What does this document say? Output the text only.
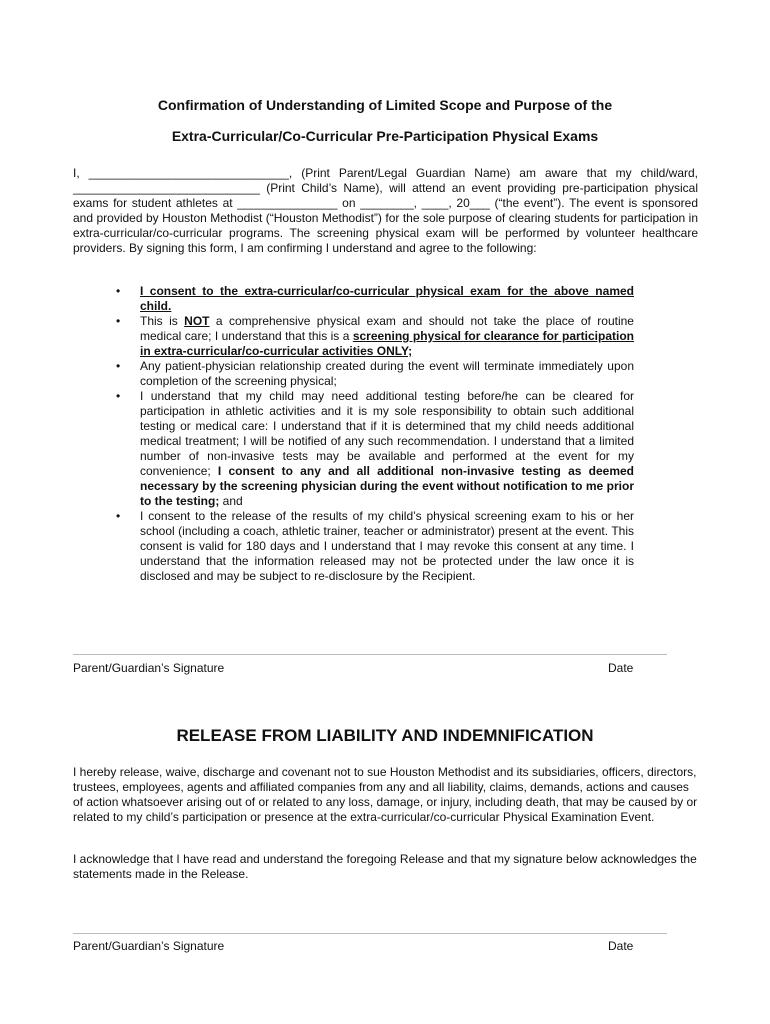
Confirmation of Understanding of Limited Scope and Purpose of the
Extra-Curricular/Co-Curricular Pre-Participation Physical Exams
I, ______________________________, (Print Parent/Legal Guardian Name) am aware that my child/ward, ____________________________ (Print Child’s Name), will attend an event providing pre-participation physical exams for student athletes at _______________ on ________, ____, 20___ (“the event”). The event is sponsored and provided by Houston Methodist (“Houston Methodist”) for the sole purpose of clearing students for participation in extra-curricular/co-curricular programs. The screening physical exam will be performed by volunteer healthcare providers. By signing this form, I am confirming I understand and agree to the following:
• I consent to the extra-curricular/co-curricular physical exam for the above named child.
• This is NOT a comprehensive physical exam and should not take the place of routine medical care; I understand that this is a screening physical for clearance for participation in extra-curricular/co-curricular activities ONLY;
• Any patient-physician relationship created during the event will terminate immediately upon completion of the screening physical;
• I understand that my child may need additional testing before/he can be cleared for participation in athletic activities and it is my sole responsibility to obtain such additional testing or medical care: I understand that if it is determined that my child needs additional medical treatment; I will be notified of any such recommendation. I understand that a limited number of non-invasive tests may be available and performed at the event for my convenience; I consent to any and all additional non-invasive testing as deemed necessary by the screening physician during the event without notification to me prior to the testing; and
• I consent to the release of the results of my child’s physical screening exam to his or her school (including a coach, athletic trainer, teacher or administrator) present at the event. This consent is valid for 180 days and I understand that I may revoke this consent at any time. I understand that the information released may not be protected under the law once it is disclosed and may be subject to re-disclosure by the Recipient.
Parent/Guardian’s Signature	Date
RELEASE FROM LIABILITY AND INDEMNIFICATION
I hereby release, waive, discharge and covenant not to sue Houston Methodist and its subsidiaries, officers, directors, trustees, employees, agents and affiliated companies from any and all liability, claims, demands, actions and causes of action whatsoever arising out of or related to any loss, damage, or injury, including death, that may be caused by or related to my child’s participation or presence at the extra-curricular/co-curricular Physical Examination Event.
I acknowledge that I have read and understand the foregoing Release and that my signature below acknowledges the statements made in the Release.
Parent/Guardian’s Signature	Date
